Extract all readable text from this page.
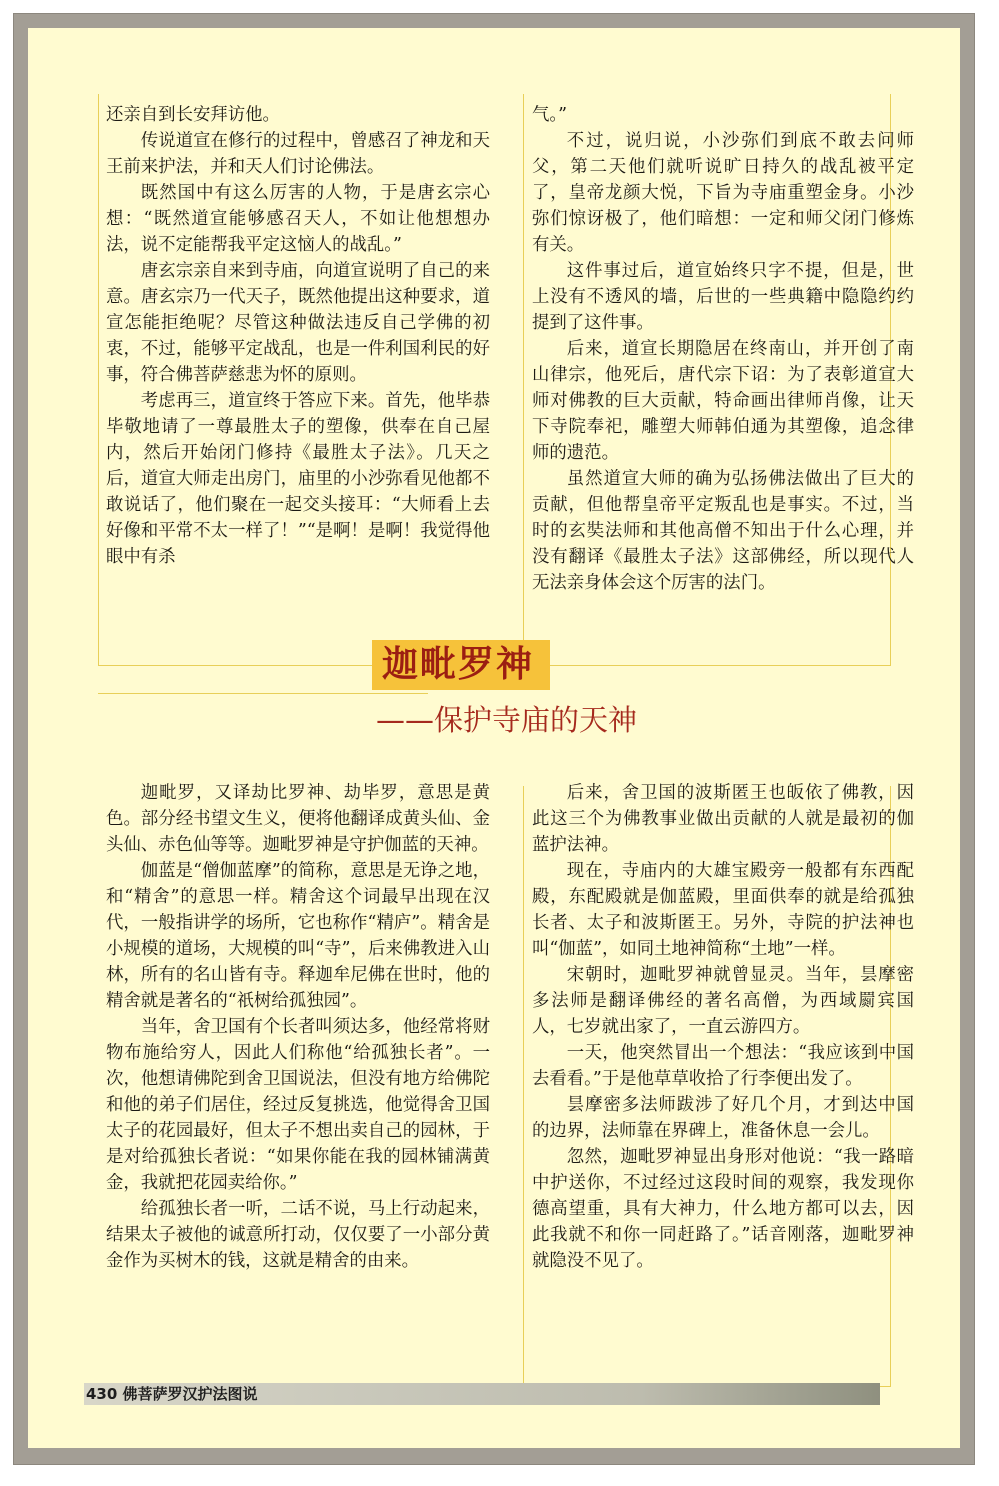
还亲自到长安拜访他。

传说道宣在修行的过程中，曾感召了神龙和天王前来护法，并和天人们讨论佛法。

既然国中有这么厉害的人物，于是唐玄宗心想：“既然道宣能够感召天人，不如让他想想办法，说不定能帮我平定这恼人的战乱。”

唐玄宗亲自来到寺庙，向道宣说明了自己的来意。唐玄宗乃一代天子，既然他提出这种要求，道宣怎能拒绝呢？尽管这种做法违反自己学佛的初衷，不过，能够平定战乱，也是一件利国利民的好事，符合佛菩萨慈悲为怀的原则。

考虑再三，道宣终于答应下来。首先，他毕恭毕敬地请了一尊最胜太子的塑像，供奉在自己屋内，然后开始闭门修持《最胜太子法》。几天之后，道宣大师走出房门，庙里的小沙弥看见他都不敢说话了，他们聚在一起交头接耳：“大师看上去好像和平常不太一样了！”“是啊！是啊！我觉得他眼中有杀

气。”

不过，说归说，小沙弥们到底不敢去问师父，第二天他们就听说旷日持久的战乱被平定了，皇帝龙颜大悦，下旨为寺庙重塑金身。小沙弥们惊讶极了，他们暗想：一定和师父闭门修炼有关。

这件事过后，道宣始终只字不提，但是，世上没有不透风的墙，后世的一些典籍中隐隐约约提到了这件事。

后来，道宣长期隐居在终南山，并开创了南山律宗，他死后，唐代宗下诏：为了表彰道宣大师对佛教的巨大贡献，特命画出律师肖像，让天下寺院奉祀，雕塑大师韩伯通为其塑像，追念律师的遗范。

虽然道宣大师的确为弘扬佛法做出了巨大的贡献，但他帮皇帝平定叛乱也是事实。不过，当时的玄奘法师和其他高僧不知出于什么心理，并没有翻译《最胜太子法》这部佛经，所以现代人无法亲身体会这个厉害的法门。

迦毗罗神
——保护寺庙的天神

迦毗罗，又译劫比罗神、劫毕罗，意思是黄色。部分经书望文生义，便将他翻译成黄头仙、金头仙、赤色仙等等。迦毗罗神是守护伽蓝的天神。

伽蓝是“僧伽蓝摩”的简称，意思是无诤之地，和“精舍”的意思一样。精舍这个词最早出现在汉代，一般指讲学的场所，它也称作“精庐”。精舍是小规模的道场，大规模的叫“寺”，后来佛教进入山林，所有的名山皆有寺。释迦牟尼佛在世时，他的精舍就是著名的“祇树给孤独园”。

当年，舍卫国有个长者叫须达多，他经常将财物布施给穷人，因此人们称他“给孤独长者”。一次，他想请佛陀到舍卫国说法，但没有地方给佛陀和他的弟子们居住，经过反复挑选，他觉得舍卫国太子的花园最好，但太子不想出卖自己的园林，于是对给孤独长者说：“如果你能在我的园林铺满黄金，我就把花园卖给你。”

给孤独长者一听，二话不说，马上行动起来，结果太子被他的诚意所打动，仅仅要了一小部分黄金作为买树木的钱，这就是精舍的由来。

后来，舍卫国的波斯匿王也皈依了佛教，因此这三个为佛教事业做出贡献的人就是最初的伽蓝护法神。

现在，寺庙内的大雄宝殿旁一般都有东西配殿，东配殿就是伽蓝殿，里面供奉的就是给孤独长者、太子和波斯匿王。另外，寺院的护法神也叫“伽蓝”，如同土地神简称“土地”一样。

宋朝时，迦毗罗神就曾显灵。当年，昙摩密多法师是翻译佛经的著名高僧，为西域罽宾国人，七岁就出家了，一直云游四方。

一天，他突然冒出一个想法：“我应该到中国去看看。”于是他草草收拾了行李便出发了。

昙摩密多法师跋涉了好几个月，才到达中国的边界，法师靠在界碑上，准备休息一会儿。

忽然，迦毗罗神显出身形对他说：“我一路暗中护送你，不过经过这段时间的观察，我发现你德高望重，具有大神力，什么地方都可以去，因此我就不和你一同赶路了。”话音刚落，迦毗罗神就隐没不见了。

430 佛菩萨罗汉护法图说
